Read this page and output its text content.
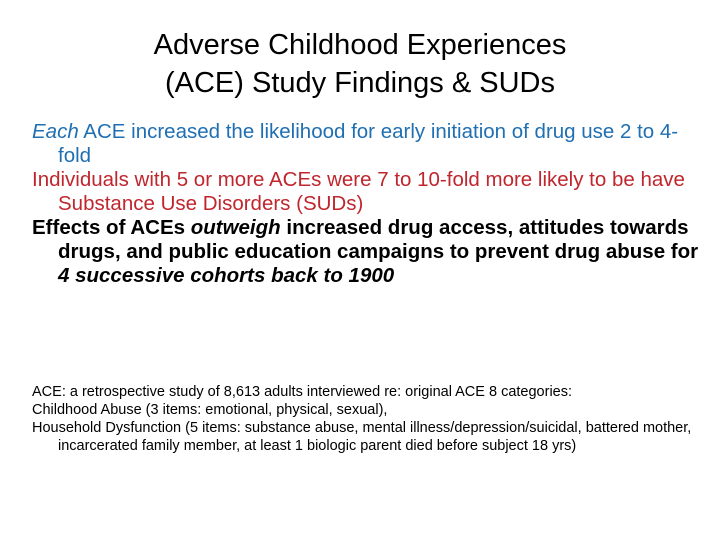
Adverse Childhood Experiences
(ACE) Study Findings & SUDs
Each ACE increased the likelihood for early initiation of drug use 2 to 4-fold
Individuals with 5 or more ACEs were 7 to 10-fold more likely to be have Substance Use Disorders (SUDs)
Effects of ACEs outweigh increased drug access, attitudes towards drugs, and public education campaigns to prevent drug abuse for 4 successive cohorts back to 1900
ACE: a retrospective study of 8,613 adults interviewed re: original ACE 8 categories:
Childhood Abuse (3 items: emotional, physical, sexual),
Household Dysfunction (5 items: substance abuse, mental illness/depression/suicidal, battered mother, incarcerated family member, at least 1 biologic parent died before subject 18 yrs)
